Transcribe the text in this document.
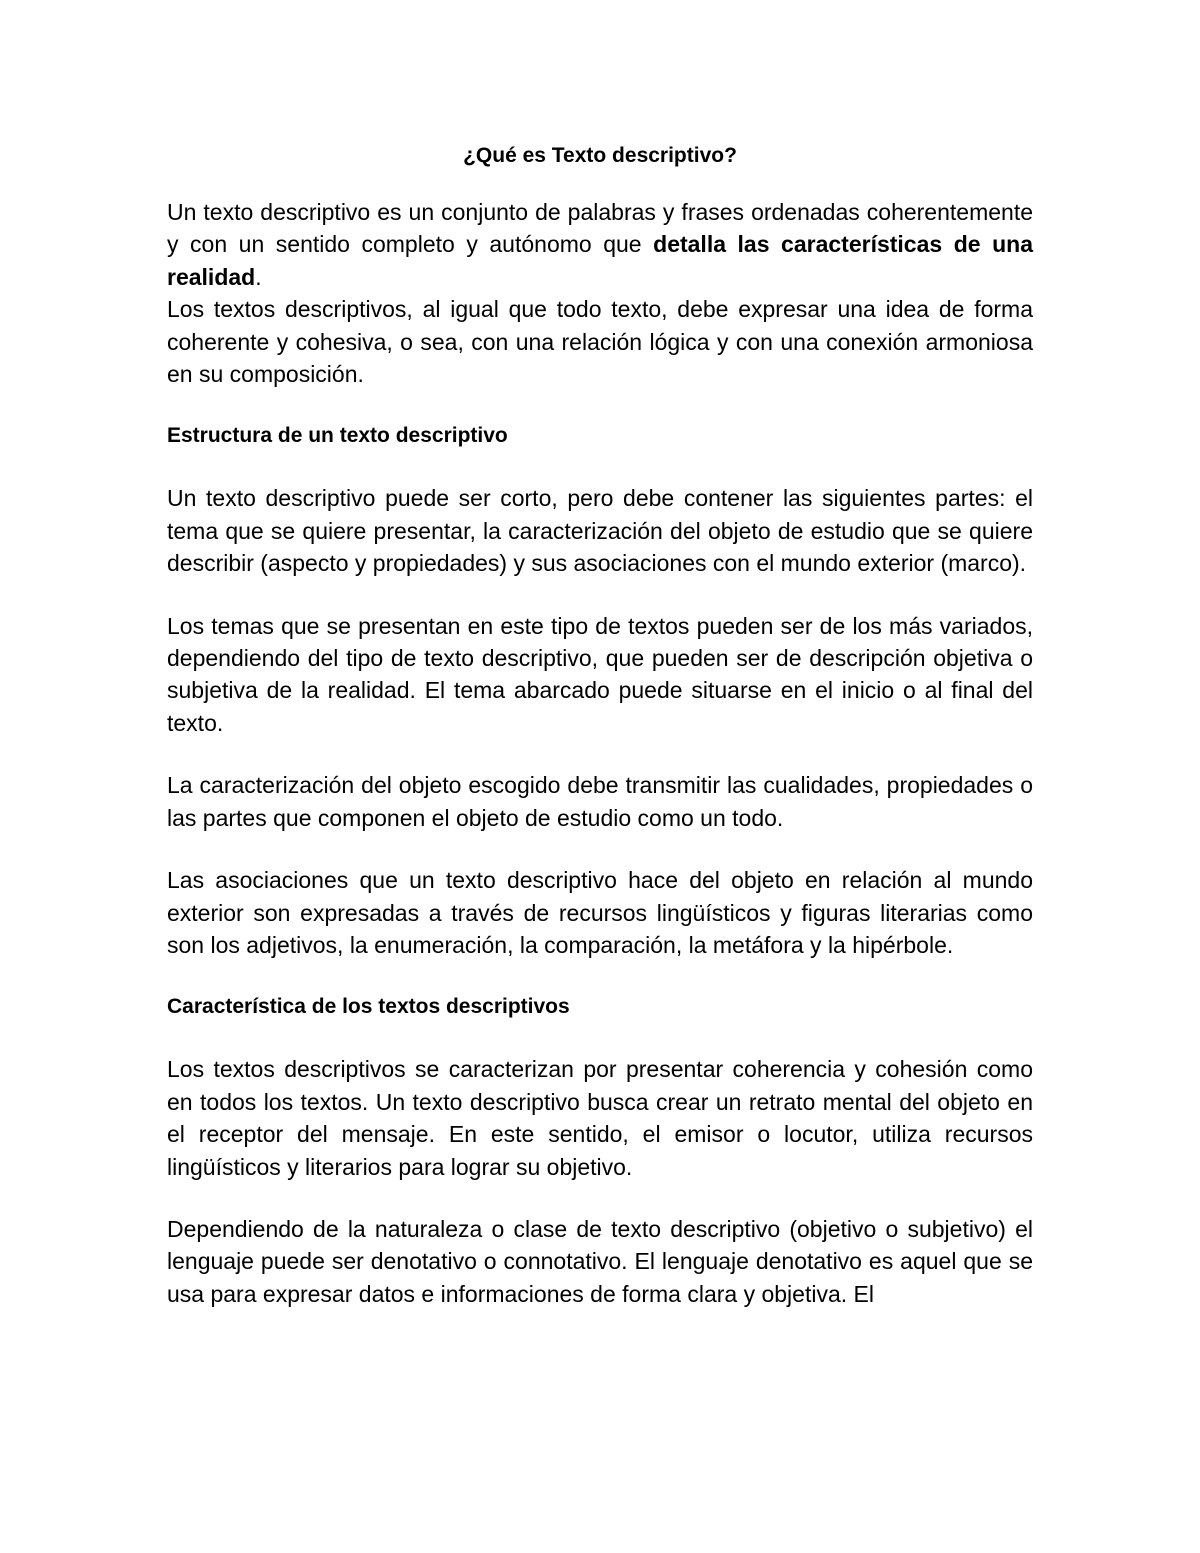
¿Qué es Texto descriptivo?

Un texto descriptivo es un conjunto de palabras y frases ordenadas coherentemente y con un sentido completo y autónomo que detalla las características de una realidad.

Los textos descriptivos, al igual que todo texto, debe expresar una idea de forma coherente y cohesiva, o sea, con una relación lógica y con una conexión armoniosa en su composición.

Estructura de un texto descriptivo

Un texto descriptivo puede ser corto, pero debe contener las siguientes partes: el tema que se quiere presentar, la caracterización del objeto de estudio que se quiere describir (aspecto y propiedades) y sus asociaciones con el mundo exterior (marco).

Los temas que se presentan en este tipo de textos pueden ser de los más variados, dependiendo del tipo de texto descriptivo, que pueden ser de descripción objetiva o subjetiva de la realidad. El tema abarcado puede situarse en el inicio o al final del texto.

La caracterización del objeto escogido debe transmitir las cualidades, propiedades o las partes que componen el objeto de estudio como un todo.

Las asociaciones que un texto descriptivo hace del objeto en relación al mundo exterior son expresadas a través de recursos lingüísticos y figuras literarias como son los adjetivos, la enumeración, la comparación, la metáfora y la hipérbole.

Característica de los textos descriptivos

Los textos descriptivos se caracterizan por presentar coherencia y cohesión como en todos los textos. Un texto descriptivo busca crear un retrato mental del objeto en el receptor del mensaje. En este sentido, el emisor o locutor, utiliza recursos lingüísticos y literarios para lograr su objetivo.

Dependiendo de la naturaleza o clase de texto descriptivo (objetivo o subjetivo) el lenguaje puede ser denotativo o connotativo. El lenguaje denotativo es aquel que se usa para expresar datos e informaciones de forma clara y objetiva. El
